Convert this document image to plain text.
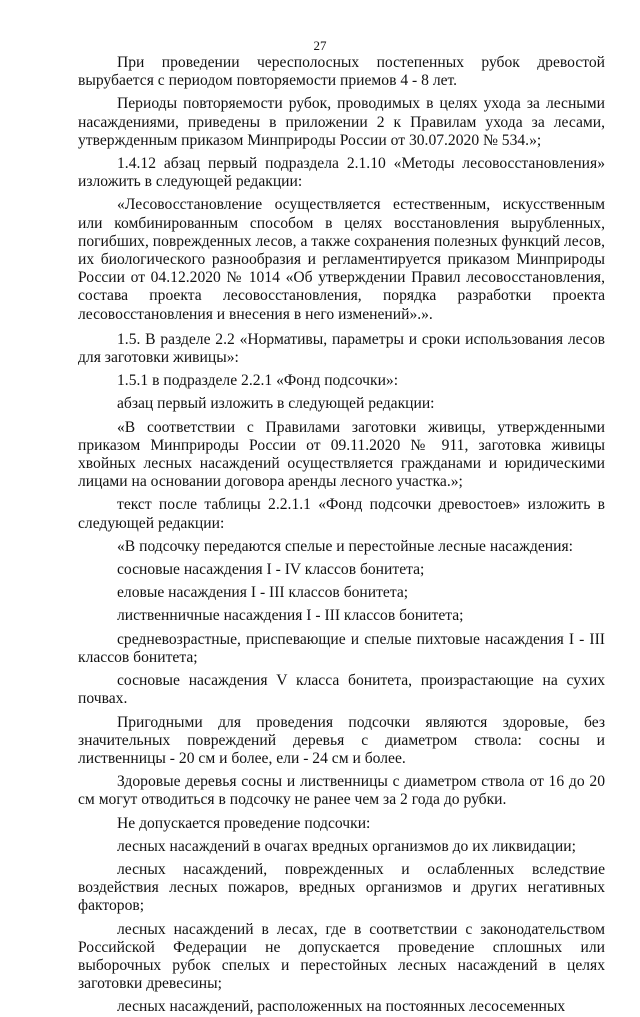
27

При проведении чересполосных постепенных рубок древостой вырубается с периодом повторяемости приемов 4 - 8 лет.

Периоды повторяемости рубок, проводимых в целях ухода за лесными насаждениями, приведены в приложении 2 к Правилам ухода за лесами, утвержденным приказом Минприроды России от 30.07.2020 № 534.»;

1.4.12 абзац первый подраздела 2.1.10 «Методы лесовосстановления» изложить в следующей редакции:

«Лесовосстановление осуществляется естественным, искусственным или комбинированным способом в целях восстановления вырубленных, погибших, поврежденных лесов, а также сохранения полезных функций лесов, их биологического разнообразия и регламентируется приказом Минприроды России от 04.12.2020 № 1014 «Об утверждении Правил лесовосстановления, состава проекта лесовосстановления, порядка разработки проекта лесовосстановления и внесения в него изменений».».

1.5. В разделе 2.2 «Нормативы, параметры и сроки использования лесов для заготовки живицы»:

1.5.1 в подразделе 2.2.1 «Фонд подсочки»:

абзац первый изложить в следующей редакции:

«В соответствии с Правилами заготовки живицы, утвержденными приказом Минприроды России от 09.11.2020 № 911, заготовка живицы хвойных лесных насаждений осуществляется гражданами и юридическими лицами на основании договора аренды лесного участка.»;

текст после таблицы 2.2.1.1 «Фонд подсочки древостоев» изложить в следующей редакции:

«В подсочку передаются спелые и перестойные лесные насаждения:

сосновые насаждения I - IV классов бонитета;

еловые насаждения I - III классов бонитета;

лиственничные насаждения I - III классов бонитета;

средневозрастные, приспевающие и спелые пихтовые насаждения I - III классов бонитета;

сосновые насаждения V класса бонитета, произрастающие на сухих почвах.

Пригодными для проведения подсочки являются здоровые, без значительных повреждений деревья с диаметром ствола: сосны и лиственницы - 20 см и более, ели - 24 см и более.

Здоровые деревья сосны и лиственницы с диаметром ствола от 16 до 20 см могут отводиться в подсочку не ранее чем за 2 года до рубки.

Не допускается проведение подсочки:

лесных насаждений в очагах вредных организмов до их ликвидации;

лесных насаждений, поврежденных и ослабленных вследствие воздействия лесных пожаров, вредных организмов и других негативных факторов;

лесных насаждений в лесах, где в соответствии с законодательством Российской Федерации не допускается проведение сплошных или выборочных рубок спелых и перестойных лесных насаждений в целях заготовки древесины;

лесных насаждений, расположенных на постоянных лесосеменных
